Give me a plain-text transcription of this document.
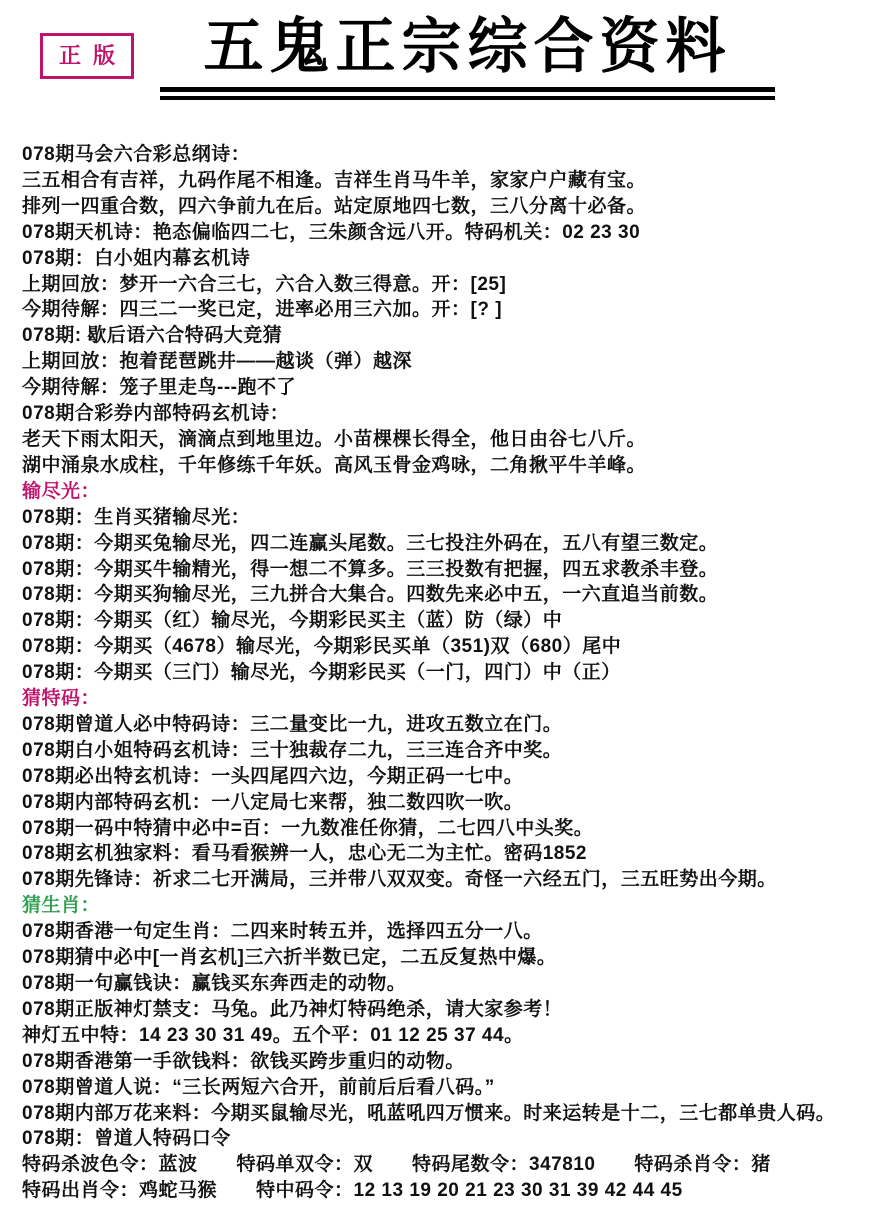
正版	五鬼正宗综合资料
078期马会六合彩总纲诗：
三五相合有吉祥，九码作尾不相逢。吉祥生肖马牛羊，家家户户藏有宝。
排列一四重合数，四六争前九在后。站定原地四七数，三八分离十必备。
078期天机诗：艳态偏临四二七，三朱颜含远八开。特码机关：02 23 30
078期：白小姐内幕玄机诗
上期回放：梦开一六合三七，六合入数三得意。开：[25]
今期待解：四三二一奖已定，进率必用三六加。开：[? ]
078期: 歇后语六合特码大竞猜
上期回放：抱着琵琶跳井——越谈（弹）越深
今期待解：笼子里走鸟---跑不了
078期合彩券内部特码玄机诗：
老天下雨太阳天，滴滴点到地里边。小苗棵棵长得全，他日由谷七八斤。
湖中涌泉水成柱，千年修练千年妖。高风玉骨金鸡咏，二角揪平牛羊峰。
输尽光：
078期：生肖买猪输尽光：
078期：今期买兔输尽光，四二连赢头尾数。三七投注外码在，五八有望三数定。
078期：今期买牛输精光，得一想二不算多。三三投数有把握，四五求教杀丰登。
078期：今期买狗输尽光，三九拼合大集合。四数先来必中五，一六直追当前数。
078期：今期买（红）输尽光，今期彩民买主（蓝）防（绿）中
078期：今期买（4678）输尽光，今期彩民买单（351)双（680）尾中
078期：今期买（三门）输尽光，今期彩民买（一门，四门）中（正）
猜特码：
078期曾道人必中特码诗：三二量变比一九，进攻五数立在门。
078期白小姐特码玄机诗：三十独裁存二九，三三连合齐中奖。
078期必出特玄机诗：一头四尾四六边，今期正码一七中。
078期内部特码玄机：一八定局七来帮，独二数四吹一吹。
078期一码中特猜中必中=百：一九数准任你猜，二七四八中头奖。
078期玄机独家料：看马看猴辨一人，忠心无二为主忙。密码1852
078期先锋诗：祈求二七开满局，三并带八双双变。奇怪一六经五门，三五旺势出今期。
猜生肖：
078期香港一句定生肖：二四来时转五并，选择四五分一八。
078期猜中必中[一肖玄机]三六折半数已定，二五反复热中爆。
078期一句赢钱诀：赢钱买东奔西走的动物。
078期正版神灯禁支：马兔。此乃神灯特码绝杀，请大家参考！
神灯五中特：14 23 30 31 49。五个平：01 12 25 37 44。
078期香港第一手欲钱料：欲钱买跨步重归的动物。
078期曾道人说：“三长两短六合开，前前后后看八码。”
078期内部万花来料：今期买鼠输尽光，吼蓝吼四万惯来。时来运转是十二，三七都单贵人码。
078期：曾道人特码口令
特码杀波色令：蓝波　　特码单双令：双　　特码尾数令：347810　　特码杀肖令：猪
特码出肖令：鸡蛇马猴　　特中码令：12 13 19 20 21 23 30 31 39 42 44 45
